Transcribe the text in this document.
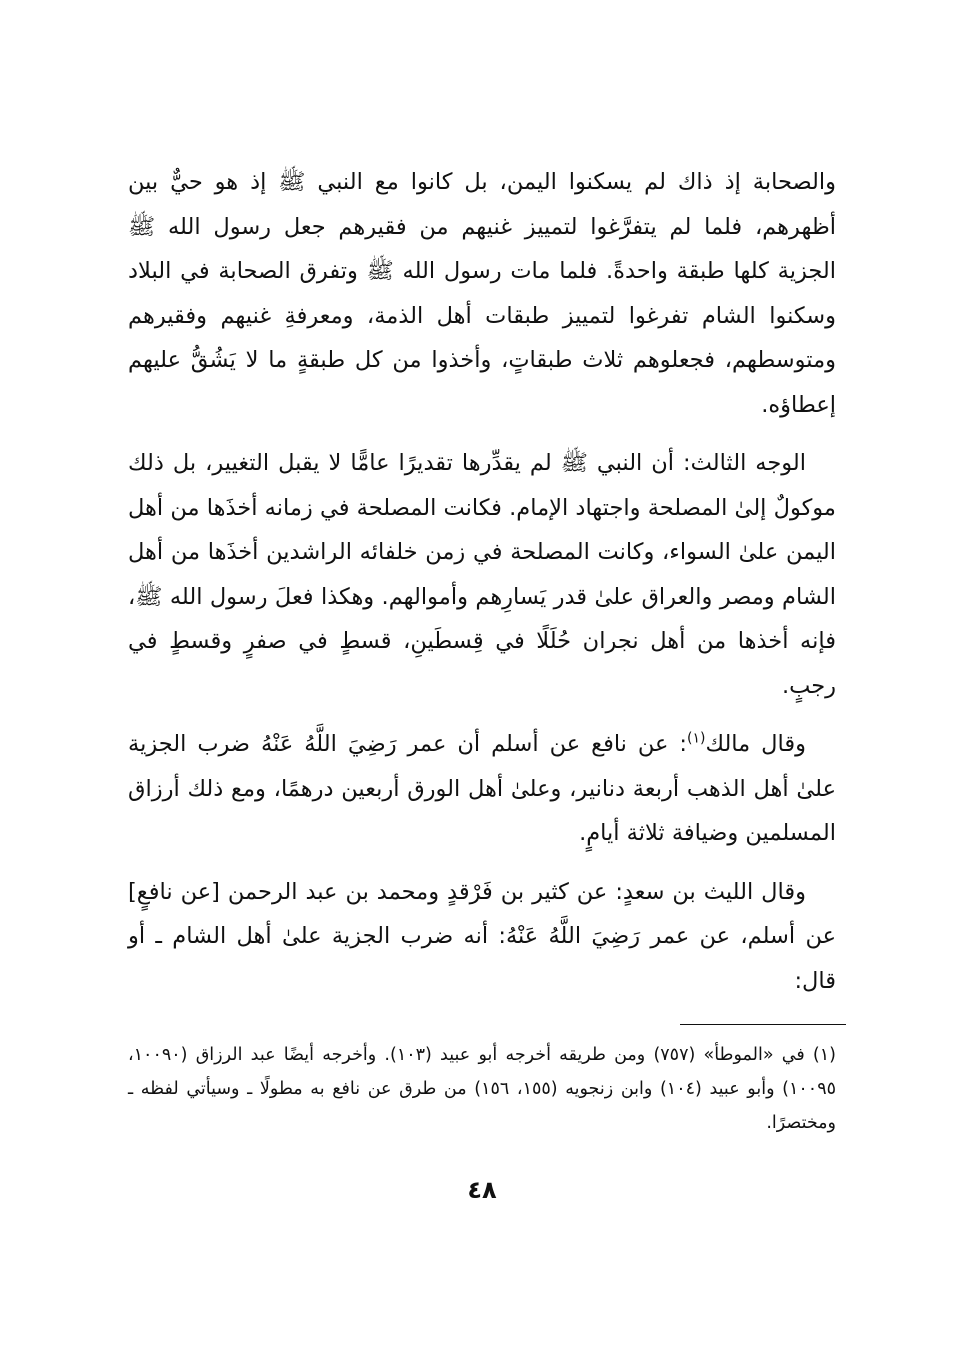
والصحابة إذ ذاك لم يسكنوا اليمن، بل كانوا مع النبي ﷺ إذ هو حيٌّ بين أظهرهم، فلما لم يتفرَّغوا لتمييز غنيهم من فقيرهم جعل رسول الله ﷺ الجزية كلها طبقة واحدةً. فلما مات رسول الله ﷺ وتفرق الصحابة في البلاد وسكنوا الشام تفرغوا لتمييز طبقات أهل الذمة، ومعرفةِ غنيهم وفقيرهم ومتوسطهم، فجعلوهم ثلاث طبقاتٍ، وأخذوا من كل طبقةٍ ما لا يَشُقُّ عليهم إعطاؤه.

الوجه الثالث: أن النبي ﷺ لم يقدِّرها تقديرًا عامًّا لا يقبل التغيير، بل ذلك موكولٌ إلىٰ المصلحة واجتهاد الإمام. فكانت المصلحة في زمانه أخذَها من أهل اليمن علىٰ السواء، وكانت المصلحة في زمن خلفائه الراشدين أخذَها من أهل الشام ومصر والعراق علىٰ قدر يَسارِهم وأموالهم. وهكذا فعلَ رسول الله ﷺ، فإنه أخذها من أهل نجران حُلَلًا في قِسطَينِ، قسطٍ في صفرٍ وقسطٍ في رجبٍ.

وقال مالك$^{(١)}$: عن نافع عن أسلم أن عمر رَضِيَ اللَّهُ عَنْهُ ضرب الجزية علىٰ أهل الذهب أربعة دنانير، وعلىٰ أهل الورق أربعين درهمًا، ومع ذلك أرزاق المسلمين وضيافة ثلاثة أيامٍ.

وقال الليث بن سعدٍ: عن كثير بن فَرْقدٍ ومحمد بن عبد الرحمن [عن نافعٍ] عن أسلم، عن عمر رَضِيَ اللَّهُ عَنْهُ: أنه ضرب الجزية علىٰ أهل الشام ـ أو قال:

(١) في «الموطأ» (٧٥٧) ومن طريقه أخرجه أبو عبيد (١٠٣). وأخرجه أيضًا عبد الرزاق (١٠٠٩٠، ١٠٠٩٥) وأبو عبيد (١٠٤) وابن زنجويه (١٥٥، ١٥٦) من طرق عن نافع به مطولًا ـ وسيأتي لفظه ـ ومختصرًا.
٤٨
